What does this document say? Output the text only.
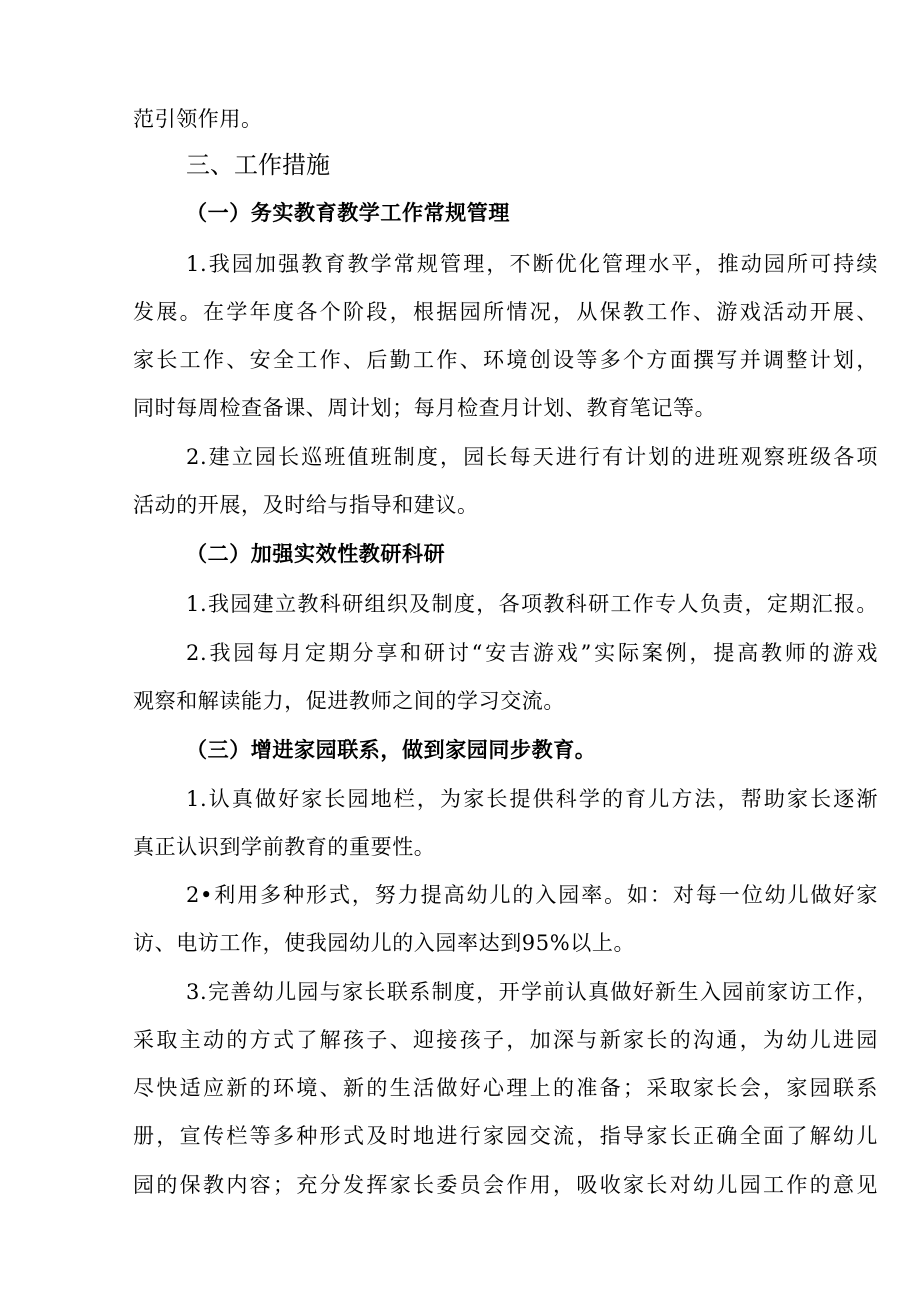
范引领作用。
三、工作措施
（一）务实教育教学工作常规管理
1.我园加强教育教学常规管理，不断优化管理水平，推动园所可持续
发展。在学年度各个阶段，根据园所情况，从保教工作、游戏活动开展、
家长工作、安全工作、后勤工作、环境创设等多个方面撰写并调整计划，
同时每周检查备课、周计划；每月检查月计划、教育笔记等。
2.建立园长巡班值班制度，园长每天进行有计划的进班观察班级各项
活动的开展，及时给与指导和建议。
（二）加强实效性教研科研
1.我园建立教科研组织及制度，各项教科研工作专人负责，定期汇报。
2.我园每月定期分享和研讨“安吉游戏”实际案例，提高教师的游戏
观察和解读能力，促进教师之间的学习交流。
（三）增进家园联系，做到家园同步教育。
1.认真做好家长园地栏，为家长提供科学的育儿方法，帮助家长逐渐
真正认识到学前教育的重要性。
2•利用多种形式，努力提高幼儿的入园率。如：对每一位幼儿做好家
访、电访工作，使我园幼儿的入园率达到95%以上。
3.完善幼儿园与家长联系制度，开学前认真做好新生入园前家访工作，
采取主动的方式了解孩子、迎接孩子，加深与新家长的沟通，为幼儿进园
尽快适应新的环境、新的生活做好心理上的准备；采取家长会，家园联系
册，宣传栏等多种形式及时地进行家园交流，指导家长正确全面了解幼儿
园的保教内容；充分发挥家长委员会作用，吸收家长对幼儿园工作的意见
